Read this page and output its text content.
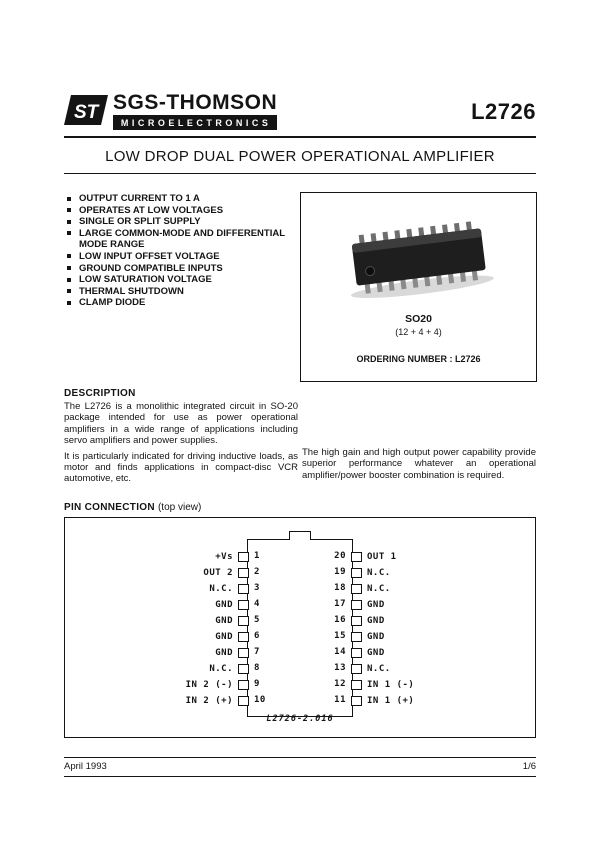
ST SGS-THOMSON
MICROELECTRONICS	L2726
LOW DROP DUAL POWER OPERATIONAL AMPLIFIER
OUTPUT CURRENT TO 1 A
OPERATES AT LOW VOLTAGES
SINGLE OR SPLIT SUPPLY
LARGE COMMON-MODE AND DIFFERENTIAL MODE RANGE
LOW INPUT OFFSET VOLTAGE
GROUND COMPATIBLE INPUTS
LOW SATURATION VOLTAGE
THERMAL SHUTDOWN
CLAMP DIODE
SO20
(12 + 4 + 4)
ORDERING NUMBER : L2726
DESCRIPTION

The L2726 is a monolithic integrated circuit in SO-20 package intended for use as power operational amplifiers in a wide range of applications including servo amplifiers and power supplies.

It is particularly indicated for driving inductive loads, as motor and finds applications in compact-disc VCR automotive, etc.

The high gain and high output power capability provide superior performance whatever an operational amplifier/power booster combination is required.
PIN CONNECTION (top view)
+Vs
OUT 2
N.C.
GND
GND
GND
GND
N.C.
IN 2 (-)
IN 2 (+)
1
2
3
4
5
6
7
8
9
10
20
19
18
17
16
15
14
13
12
11
OUT 1
N.C.
N.C.
GND
GND
GND
GND
N.C.
IN 1 (-)
IN 1 (+)
L2726-2.016
April 1993	1/6
